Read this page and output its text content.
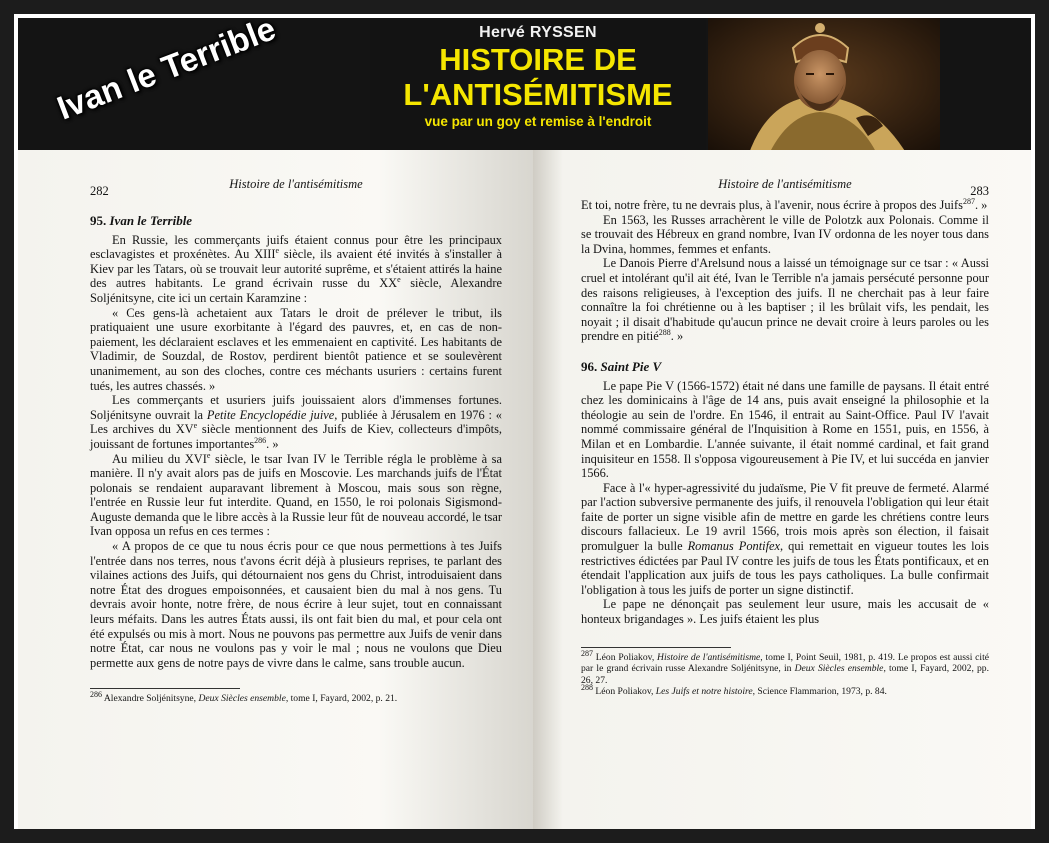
Hervé RYSSEN
HISTOIRE DE
L'ANTISÉMITISME
vue par un goy et remise à l'endroit
Ivan le Terrible
282	Histoire de l'antisémitisme
95. Ivan le Terrible

En Russie, les commerçants juifs étaient connus pour être les principaux esclavagistes et proxénètes. Au XIIIe siècle, ils avaient été invités à s'installer à Kiev par les Tatars, où se trouvait leur autorité suprême, et s'étaient attirés la haine des autres habitants. Le grand écrivain russe du XXe siècle, Alexandre Soljénitsyne, cite ici un certain Karamzine :

« Ces gens-là achetaient aux Tatars le droit de prélever le tribut, ils pratiquaient une usure exorbitante à l'égard des pauvres, et, en cas de non-paiement, les déclaraient esclaves et les emmenaient en captivité. Les habitants de Vladimir, de Souzdal, de Rostov, perdirent bientôt patience et se soulevèrent unanimement, au son des cloches, contre ces méchants usuriers : certains furent tués, les autres chassés. »

Les commerçants et usuriers juifs jouissaient alors d'immenses fortunes. Soljénitsyne ouvrait la Petite Encyclopédie juive, publiée à Jérusalem en 1976 : « Les archives du XVe siècle mentionnent des Juifs de Kiev, collecteurs d'impôts, jouissant de fortunes importantes$^{286}$. »

Au milieu du XVIe siècle, le tsar Ivan IV le Terrible régla le problème à sa manière. Il n'y avait alors pas de juifs en Moscovie. Les marchands juifs de l'État polonais se rendaient auparavant librement à Moscou, mais sous son règne, l'entrée en Russie leur fut interdite. Quand, en 1550, le roi polonais Sigismond-Auguste demanda que le libre accès à la Russie leur fût de nouveau accordé, le tsar Ivan opposa un refus en ces termes :

« A propos de ce que tu nous écris pour ce que nous permettions à tes Juifs l'entrée dans nos terres, nous t'avons écrit déjà à plusieurs reprises, te parlant des vilaines actions des Juifs, qui détournaient nos gens du Christ, introduisaient dans notre État des drogues empoisonnées, et causaient bien du mal à nos gens. Tu devrais avoir honte, notre frère, de nous écrire à leur sujet, tout en connaissant leurs méfaits. Dans les autres États aussi, ils ont fait bien du mal, et pour cela ont été expulsés ou mis à mort. Nous ne pouvons pas permettre aux Juifs de venir dans notre État, car nous ne voulons pas y voir le mal ; nous ne voulons que Dieu permette aux gens de notre pays de vivre dans le calme, sans trouble aucun.

$^{286}$ Alexandre Soljénitsyne, Deux Siècles ensemble, tome I, Fayard, 2002, p. 21.
Histoire de l'antisémitisme	283

Et toi, notre frère, tu ne devrais plus, à l'avenir, nous écrire à propos des Juifs$^{287}$. »

En 1563, les Russes arrachèrent le ville de Polotzk aux Polonais. Comme il se trouvait des Hébreux en grand nombre, Ivan IV ordonna de les noyer tous dans la Dvina, hommes, femmes et enfants.

Le Danois Pierre d'Arelsund nous a laissé un témoignage sur ce tsar : « Aussi cruel et intolérant qu'il ait été, Ivan le Terrible n'a jamais persécuté personne pour des raisons religieuses, à l'exception des juifs. Il ne cherchait pas à leur faire connaître la foi chrétienne ou à les baptiser ; il les brûlait vifs, les pendait, les noyait ; il disait d'habitude qu'aucun prince ne devait croire à leurs paroles ou les prendre en pitié$^{288}$. »

96. Saint Pie V

Le pape Pie V (1566-1572) était né dans une famille de paysans. Il était entré chez les dominicains à l'âge de 14 ans, puis avait enseigné la philosophie et la théologie au sein de l'ordre. En 1546, il entrait au Saint-Office. Paul IV l'avait nommé commissaire général de l'Inquisition à Rome en 1551, puis, en 1556, à Milan et en Lombardie. L'année suivante, il était nommé cardinal, et fait grand inquisiteur en 1558. Il s'opposa vigoureusement à Pie IV, et lui succéda en janvier 1566.

Face à l'« hyper-agressivité du judaïsme, Pie V fit preuve de fermeté. Alarmé par l'action subversive permanente des juifs, il renouvela l'obligation qui leur était faite de porter un signe visible afin de mettre en garde les chrétiens contre leurs discours fallacieux. Le 19 avril 1566, trois mois après son élection, il faisait promulguer la bulle Romanus Pontifex, qui remettait en vigueur toutes les lois restrictives édictées par Paul IV contre les juifs de tous les États pontificaux, et en étendait l'application aux juifs de tous les pays catholiques. La bulle confirmait l'obligation à tous les juifs de porter un signe distinctif.

Le pape ne dénonçait pas seulement leur usure, mais les accusait de « honteux brigandages ». Les juifs étaient les plus

$^{287}$ Léon Poliakov, Histoire de l'antisémitisme, tome I, Point Seuil, 1981, p. 419. Le propos est aussi cité par le grand écrivain russe Alexandre Soljénitsyne, in Deux Siècles ensemble, tome I, Fayard, 2002, pp. 26, 27.
$^{288}$ Léon Poliakov, Les Juifs et notre histoire, Science Flammarion, 1973, p. 84.
